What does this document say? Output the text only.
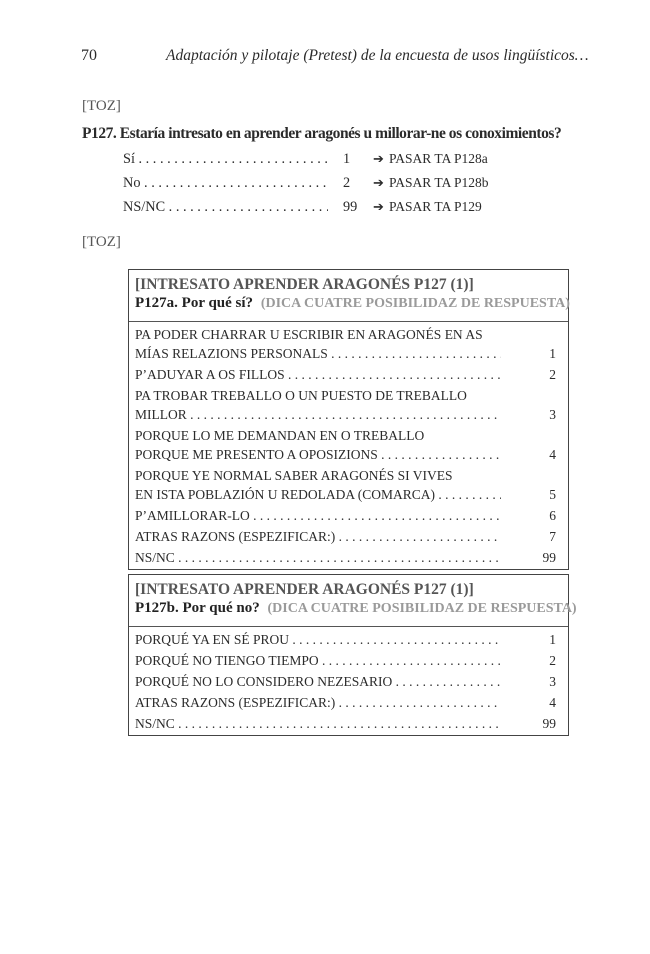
70	Adaptación y pilotaje (Pretest) de la encuesta de usos lingüísticos…
[TOZ]
P127. Estaría intresato en aprender aragonés u millorar-ne os conoximientos?
Sí . . .	1	➔ PASAR TA P128a
No . . .	2	➔ PASAR TA P128b
NS/NC . . .	99	➔ PASAR TA P129
[TOZ]
[INTRESATO APRENDER ARAGONÉS P127 (1)]
P127a. Por qué sí? (DICA CUATRE POSIBILIDAZ DE RESPUESTA)
PA PODER CHARRAR U ESCRIBIR EN ARAGONÉS EN AS
MÍAS RELAZIONS PERSONALS . . .	1
P’ADUYAR A OS FILLOS . . .	2
PA TROBAR TREBALLO O UN PUESTO DE TREBALLO
MILLOR . . .	3
PORQUE LO ME DEMANDAN EN O TREBALLO
PORQUE ME PRESENTO A OPOSIZIONS . . .	4
PORQUE YE NORMAL SABER ARAGONÉS SI VIVES
EN ISTA POBLAZIÓN U REDOLADA (COMARCA) . . .	5
P’AMILLORAR-LO . . .	6
ATRAS RAZONS (ESPEZIFICAR:) . . .	7
NS/NC . . .	99
[INTRESATO APRENDER ARAGONÉS P127 (1)]
P127b. Por qué no? (DICA CUATRE POSIBILIDAZ DE RESPUESTA)
PORQUÉ YA EN SÉ PROU . . .	1
PORQUÉ NO TIENGO TIEMPO . . .	2
PORQUÉ NO LO CONSIDERO NEZESARIO . . .	3
ATRAS RAZONS (ESPEZIFICAR:) . . .	4
NS/NC . . .	99
